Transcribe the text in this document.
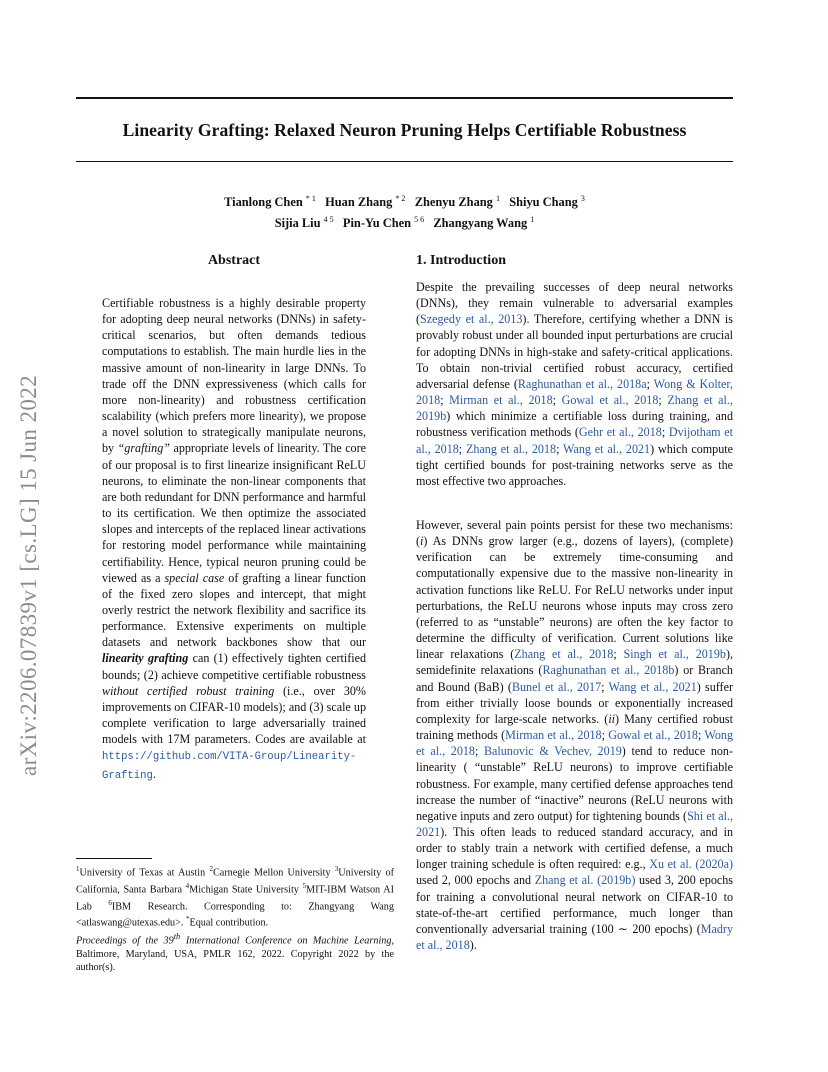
Linearity Grafting: Relaxed Neuron Pruning Helps Certifiable Robustness
Tianlong Chen $^{* 1}$ Huan Zhang $^{* 2}$ Zhenyu Zhang $^1$ Shiyu Chang $^3$
Sijia Liu $^{4 5}$ Pin-Yu Chen $^{5 6}$ Zhangyang Wang $^1$
arXiv:2206.07839v1 [cs.LG] 15 Jun 2022
Abstract
Certifiable robustness is a highly desirable property for adopting deep neural networks (DNNs) in safety-critical scenarios, but often demands tedious computations to establish. The main hurdle lies in the massive amount of non-linearity in large DNNs. To trade off the DNN expressiveness (which calls for more non-linearity) and robustness certification scalability (which prefers more linearity), we propose a novel solution to strategically manipulate neurons, by “grafting” appropriate levels of linearity. The core of our proposal is to first linearize insignificant ReLU neurons, to eliminate the non-linear components that are both redundant for DNN performance and harmful to its certification. We then optimize the associated slopes and intercepts of the replaced linear activations for restoring model performance while maintaining certifiability. Hence, typical neuron pruning could be viewed as a special case of grafting a linear function of the fixed zero slopes and intercept, that might overly restrict the network flexibility and sacrifice its performance. Extensive experiments on multiple datasets and network backbones show that our linearity grafting can (1) effectively tighten certified bounds; (2) achieve competitive certifiable robustness without certified robust training (i.e., over 30% improvements on CIFAR-10 models); and (3) scale up complete verification to large adversarially trained models with 17M parameters. Codes are available at https://github.com/VITA-Group/Linearity-Grafting.
$^1$University of Texas at Austin $^2$Carnegie Mellon University $^3$University of California, Santa Barbara $^4$Michigan State University $^5$MIT-IBM Watson AI Lab $^6$IBM Research. Corresponding to: Zhangyang Wang <atlaswang@utexas.edu>. *Equal contribution.
Proceedings of the 39th International Conference on Machine Learning, Baltimore, Maryland, USA, PMLR 162, 2022. Copyright 2022 by the author(s).
1. Introduction
Despite the prevailing successes of deep neural networks (DNNs), they remain vulnerable to adversarial examples (Szegedy et al., 2013). Therefore, certifying whether a DNN is provably robust under all bounded input perturbations are crucial for adopting DNNs in high-stake and safety-critical applications. To obtain non-trivial certified robust accuracy, certified adversarial defense (Raghunathan et al., 2018a; Wong & Kolter, 2018; Mirman et al., 2018; Gowal et al., 2018; Zhang et al., 2019b) which minimize a certifiable loss during training, and robustness verification methods (Gehr et al., 2018; Dvijotham et al., 2018; Zhang et al., 2018; Wang et al., 2021) which compute tight certified bounds for post-training networks serve as the most effective two approaches.
However, several pain points persist for these two mechanisms: (i) As DNNs grow larger (e.g., dozens of layers), (complete) verification can be extremely time-consuming and computationally expensive due to the massive non-linearity in activation functions like ReLU. For ReLU networks under input perturbations, the ReLU neurons whose inputs may cross zero (referred to as “unstable” neurons) are often the key factor to determine the difficulty of verification. Current solutions like linear relaxations (Zhang et al., 2018; Singh et al., 2019b), semidefinite relaxations (Raghunathan et al., 2018b) or Branch and Bound (BaB) (Bunel et al., 2017; Wang et al., 2021) suffer from either trivially loose bounds or exponentially increased complexity for large-scale networks. (ii) Many certified robust training methods (Mirman et al., 2018; Gowal et al., 2018; Wong et al., 2018; Balunovic & Vechev, 2019) tend to reduce non-linearity ( “unstable” ReLU neurons) to improve certifiable robustness. For example, many certified defense approaches tend increase the number of “inactive” neurons (ReLU neurons with negative inputs and zero output) for tightening bounds (Shi et al., 2021). This often leads to reduced standard accuracy, and in order to stably train a network with certified defense, a much longer training schedule is often required: e.g., Xu et al. (2020a) used 2, 000 epochs and Zhang et al. (2019b) used 3, 200 epochs for training a convolutional neural network on CIFAR-10 to state-of-the-art certified performance, much longer than conventionally adversarial training (100 ∼ 200 epochs) (Madry et al., 2018).
